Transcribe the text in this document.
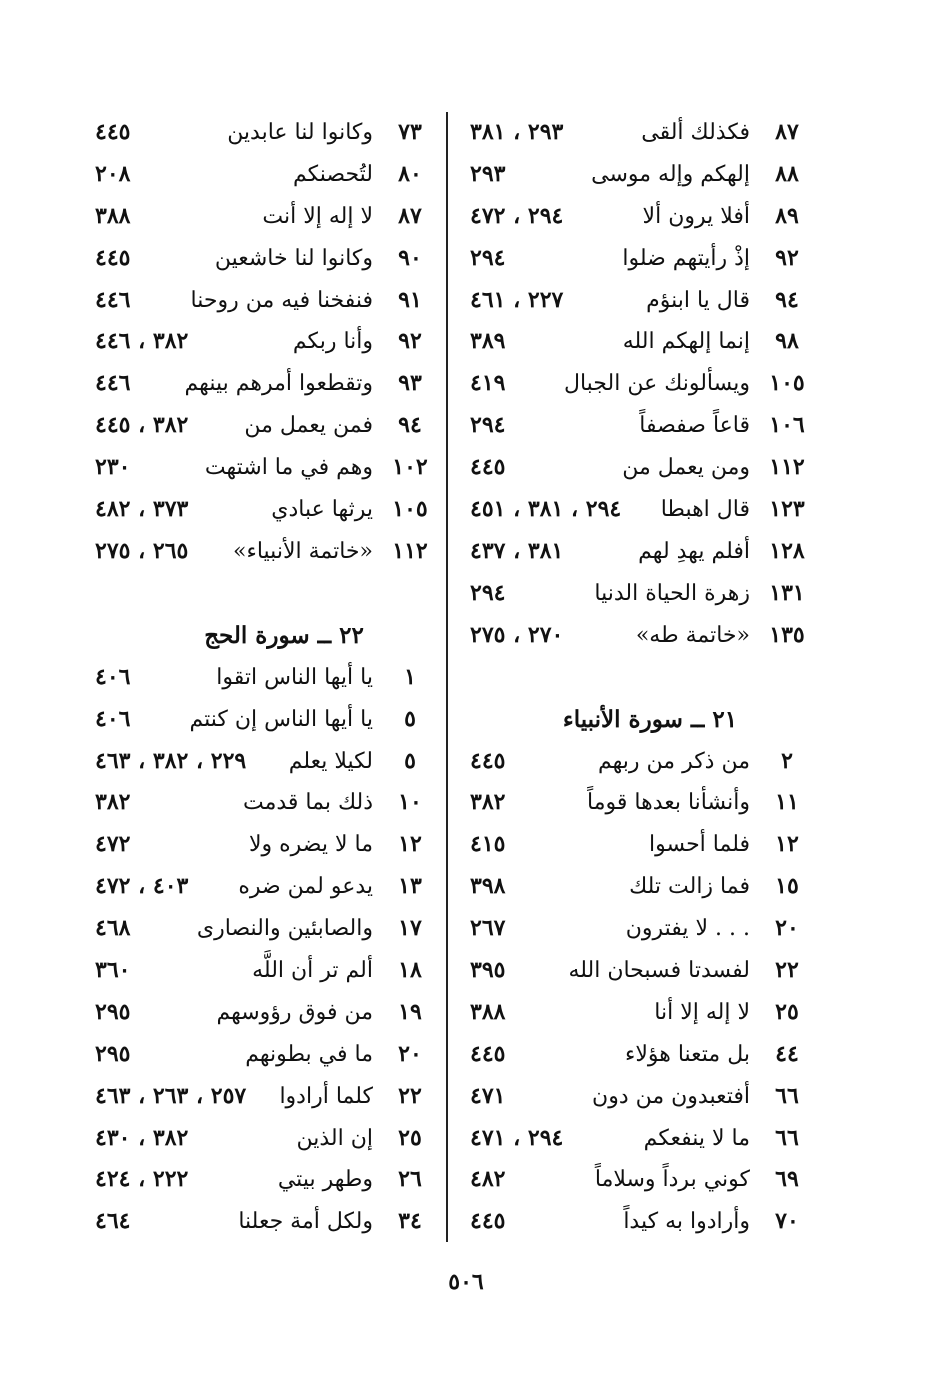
٨٧
فكذلك ألقى
٢٩٣ ، ٣٨١
٨٨
إلهكم وإله موسى
٢٩٣
٨٩
أفلا يرون ألا
٢٩٤ ، ٤٧٢
٩٢
إذْ رأيتهم ضلوا
٢٩٤
٩٤
قال يا ابنؤم
٢٢٧ ، ٤٦١
٩٨
إنما إلهكم الله
٣٨٩
١٠٥
ويسألونك عن الجبال
٤١٩
١٠٦
قاعاً صفصفاً
٢٩٤
١١٢
ومن يعمل من
٤٤٥
١٢٣
قال اهبطا
٢٩٤ ، ٣٨١ ، ٤٥١
١٢٨
أفلم يهدِ لهم
٣٨١ ، ٤٣٧
١٣١
زهرة الحياة الدنيا
٢٩٤
١٣٥
«خاتمة طه»
٢٧٠ ، ٢٧٥
٢١ ــ سورة الأنبياء
٢
من ذكر من ربهم
٤٤٥
١١
وأنشأنا بعدها قوماً
٣٨٢
١٢
فلما أحسوا
٤١٥
١٥
فما زالت تلك
٣٩٨
٢٠
. . . لا يفترون
٢٦٧
٢٢
لفسدتا فسبحان الله
٣٩٥
٢٥
لا إله إلا أنا
٣٨٨
٤٤
بل متعنا هؤلاء
٤٤٥
٦٦
أفتعبدون من دون
٤٧١
٦٦
ما لا ينفعكم
٢٩٤ ، ٤٧١
٦٩
كوني برداً وسلاماً
٤٨٢
٧٠
وأرادوا به كيداً
٤٤٥
٧٣
وكانوا لنا عابدين
٤٤٥
٨٠
لتُحصنكم
٢٠٨
٨٧
لا إله إلا أنت
٣٨٨
٩٠
وكانوا لنا خاشعين
٤٤٥
٩١
فنفخنا فيه من روحنا
٤٤٦
٩٢
وأنا ربكم
٣٨٢ ، ٤٤٦
٩٣
وتقطعوا أمرهم بينهم
٤٤٦
٩٤
فمن يعمل من
٣٨٢ ، ٤٤٥
١٠٢
وهم في ما اشتهت
٢٣٠
١٠٥
يرثها عبادي
٣٧٣ ، ٤٨٢
١١٢
«خاتمة الأنبياء»
٢٦٥ ، ٢٧٥
٢٢ ــ سورة الحج
١
يا أيها الناس اتقوا
٤٠٦
٥
يا أيها الناس إن كنتم
٤٠٦
٥
لكيلا يعلم
٢٢٩ ، ٣٨٢ ، ٤٦٣
١٠
ذلك بما قدمت
٣٨٢
١٢
ما لا يضره ولا
٤٧٢
١٣
يدعو لمن ضره
٤٠٣ ، ٤٧٢
١٧
والصابئين والنصارى
٤٦٨
١٨
ألم تر أن اللَّه
٣٦٠
١٩
من فوق رؤوسهم
٢٩٥
٢٠
ما في بطونهم
٢٩٥
٢٢
كلما أرادوا
٢٥٧ ، ٢٦٣ ، ٤٦٣
٢٥
إن الذين
٣٨٢ ، ٤٣٠
٢٦
وطهر بيتي
٢٢٢ ، ٤٢٤
٣٤
ولكل أمة جعلنا
٤٦٤
٥٠٦
